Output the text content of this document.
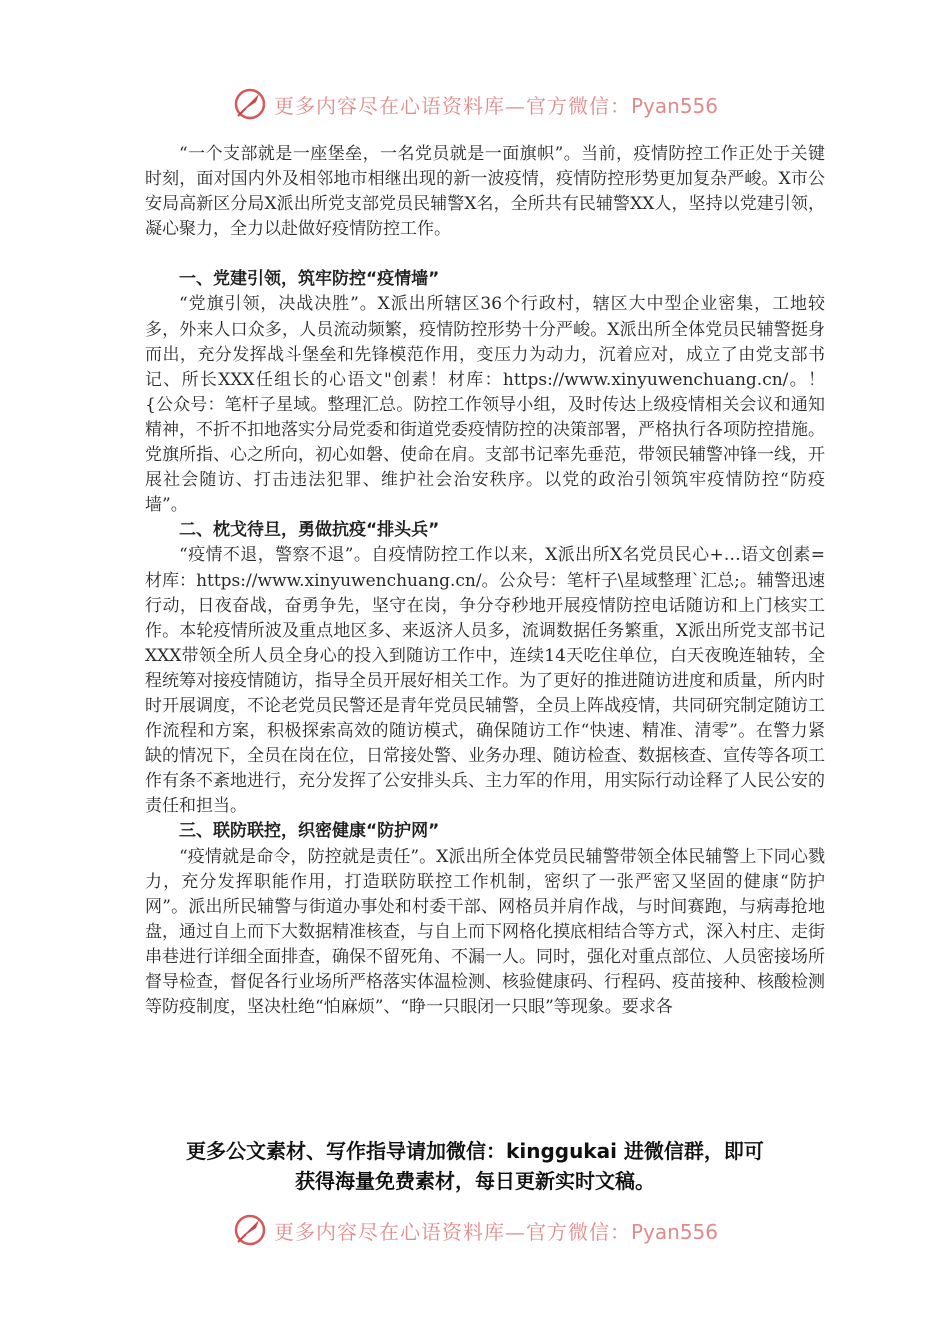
更多内容尽在心语资料库—官方微信：Pyan556

“一个支部就是一座堡垒，一名党员就是一面旗帜”。当前，疫情防控工作正处于关键时刻，面对国内外及相邻地市相继出现的新一波疫情，疫情防控形势更加复杂严峻。X市公安局高新区分局X派出所党支部党员民辅警X名，全所共有民辅警XX人，坚持以党建引领，凝心聚力，全力以赴做好疫情防控工作。

一、党建引领，筑牢防控“疫情墙”

“党旗引领，决战决胜”。X派出所辖区36个行政村，辖区大中型企业密集，工地较多，外来人口众多，人员流动频繁，疫情防控形势十分严峻。X派出所全体党员民辅警挺身而出，充分发挥战斗堡垒和先锋模范作用，变压力为动力，沉着应对，成立了由党支部书记、所长XXX任组长的心语文"创素！材库：https://www.xinyuwenchuang.cn/。！{公众号：笔杆子星域。整理汇总。防控工作领导小组，及时传达上级疫情相关会议和通知精神，不折不扣地落实分局党委和街道党委疫情防控的决策部署，严格执行各项防控措施。党旗所指、心之所向，初心如磐、使命在肩。支部书记率先垂范，带领民辅警冲锋一线，开展社会随访、打击违法犯罪、维护社会治安秩序。以党的政治引领筑牢疫情防控“防疫墙”。

二、枕戈待旦，勇做抗疫“排头兵”

“疫情不退，警察不退”。自疫情防控工作以来，X派出所X名党员民心+…语文创素=材库：https://www.xinyuwenchuang.cn/。公众号：笔杆子\星域整理`汇总;。辅警迅速行动，日夜奋战，奋勇争先，坚守在岗，争分夺秒地开展疫情防控电话随访和上门核实工作。本轮疫情所波及重点地区多、来返济人员多，流调数据任务繁重，X派出所党支部书记XXX带领全所人员全身心的投入到随访工作中，连续14天吃住单位，白天夜晚连轴转，全程统筹对接疫情随访，指导全员开展好相关工作。为了更好的推进随访进度和质量，所内时时开展调度，不论老党员民警还是青年党员民辅警，全员上阵战疫情，共同研究制定随访工作流程和方案，积极探索高效的随访模式，确保随访工作“快速、精准、清零”。在警力紧缺的情况下，全员在岗在位，日常接处警、业务办理、随访检查、数据核查、宣传等各项工作有条不紊地进行，充分发挥了公安排头兵、主力军的作用，用实际行动诠释了人民公安的责任和担当。

三、联防联控，织密健康“防护网”

“疫情就是命令，防控就是责任”。X派出所全体党员民辅警带领全体民辅警上下同心戮力，充分发挥职能作用，打造联防联控工作机制，密织了一张严密又坚固的健康“防护网”。派出所民辅警与街道办事处和村委干部、网格员并肩作战，与时间赛跑，与病毒抢地盘，通过自上而下大数据精准核查，与自上而下网格化摸底相结合等方式，深入村庄、走街串巷进行详细全面排查，确保不留死角、不漏一人。同时，强化对重点部位、人员密接场所督导检查，督促各行业场所严格落实体温检测、核验健康码、行程码、疫苗接种、核酸检测等防疫制度，坚决杜绝“怕麻烦”、“睁一只眼闭一只眼”等现象。要求各

更多公文素材、写作指导请加微信：kinggukai 进微信群，即可
获得海量免费素材，每日更新实时文稿。
更多内容尽在心语资料库—官方微信：Pyan556
